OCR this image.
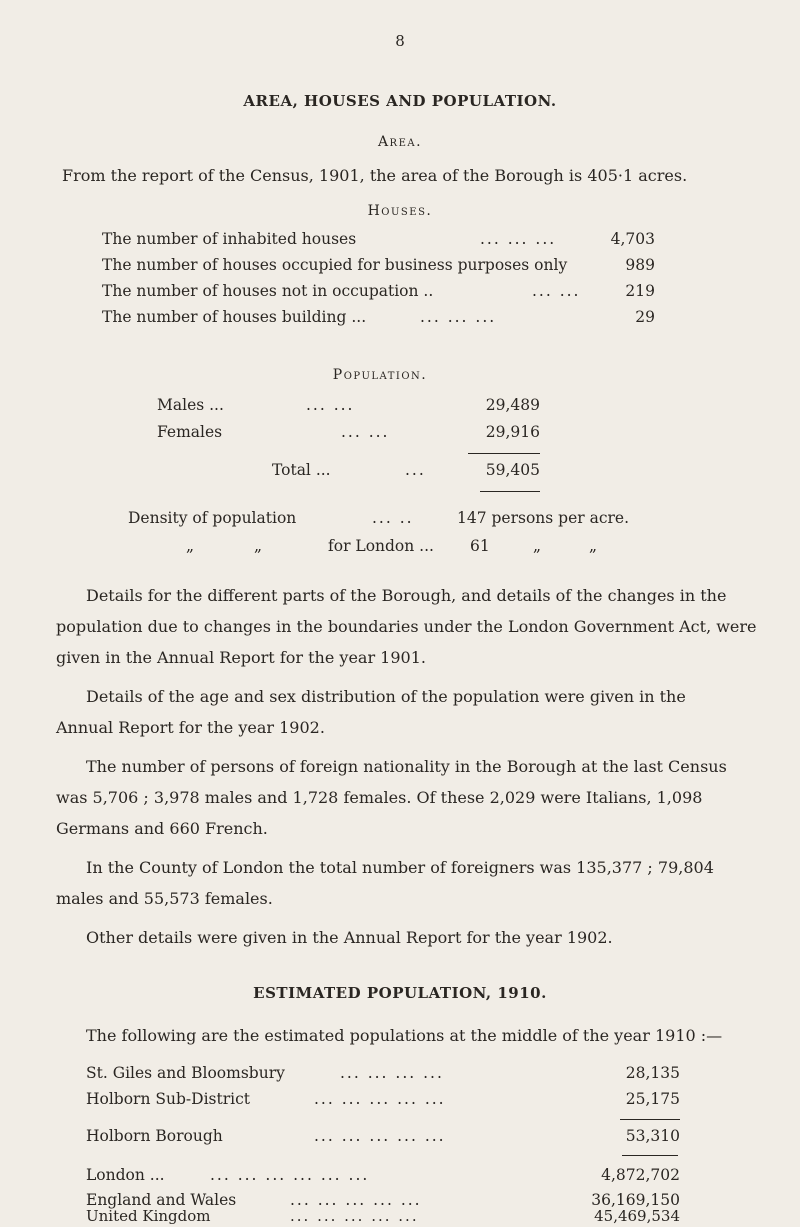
8
AREA, HOUSES AND POPULATION.
Area.
From the report of the Census, 1901, the area of the Borough is 405·1 acres.
Houses.
The number of inhabited houses	... ... ...	4,703
The number of houses occupied for business purposes only	989
The number of houses not in occupation ..	... ...	219
The number of houses building ...	... ... ...	29
Population.
Males ...	... ...	29,489
Females	... ...	29,916
Total ...	...	59,405
Density of population	... ..	147 persons per acre.
„	„	for London ... 61	„	„
Details for the different parts of the Borough, and details of the changes in the
population due to changes in the boundaries under the London Government Act, were
given in the Annual Report for the year 1901.
Details of the age and sex distribution of the population were given in the
Annual Report for the year 1902.
The number of persons of foreign nationality in the Borough at the last Census
was 5,706 ; 3,978 males and 1,728 females. Of these 2,029 were Italians, 1,098
Germans and 660 French.
In the County of London the total number of foreigners was 135,377 ; 79,804
males and 55,573 females.
Other details were given in the Annual Report for the year 1902.
ESTIMATED POPULATION, 1910.
The following are the estimated populations at the middle of the year 1910 :—
St. Giles and Bloomsbury	... ... ... ...	28,135
Holborn Sub-District	... ... ... ... ...	25,175
Holborn Borough	... ... ... ... ...	53,310
London ...	... ... ... ... ... ...	4,872,702
England and Wales	... ... ... ... ...	36,169,150
United Kingdom	... ... ... ... ...	45,469,534
